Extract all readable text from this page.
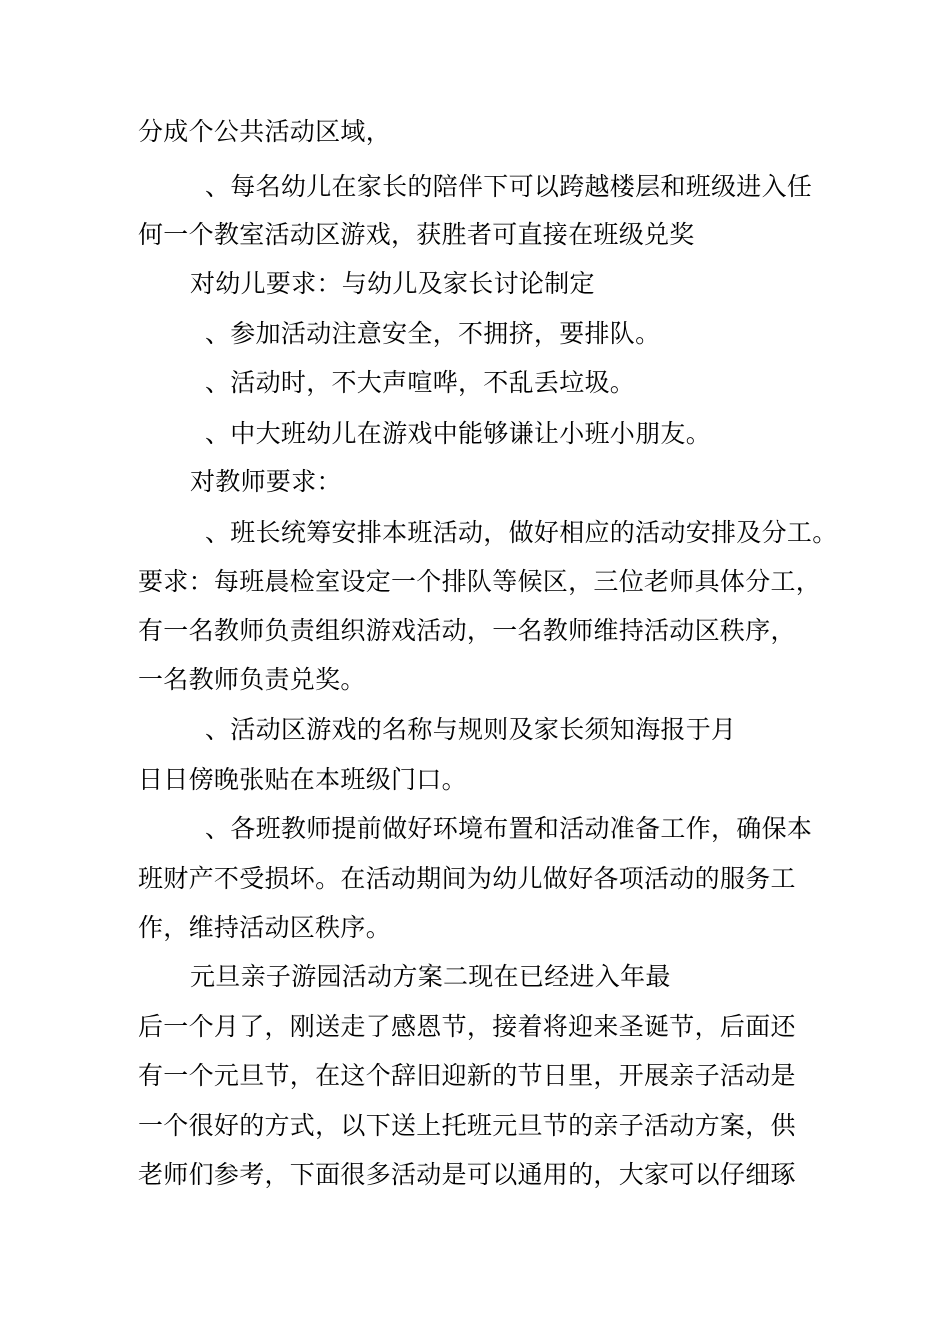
分成个公共活动区域，
、每名幼儿在家长的陪伴下可以跨越楼层和班级进入任
何一个教室活动区游戏，获胜者可直接在班级兑奖
对幼儿要求：与幼儿及家长讨论制定
、参加活动注意安全，不拥挤，要排队。
、活动时，不大声喧哗，不乱丢垃圾。
、中大班幼儿在游戏中能够谦让小班小朋友。
对教师要求：
、班长统筹安排本班活动，做好相应的活动安排及分工。
要求：每班晨检室设定一个排队等候区，三位老师具体分工，
有一名教师负责组织游戏活动，一名教师维持活动区秩序，
一名教师负责兑奖。
、活动区游戏的名称与规则及家长须知海报于月
日日傍晚张贴在本班级门口。
、各班教师提前做好环境布置和活动准备工作，确保本
班财产不受损坏。在活动期间为幼儿做好各项活动的服务工
作，维持活动区秩序。
元旦亲子游园活动方案二现在已经进入年最
后一个月了，刚送走了感恩节，接着将迎来圣诞节，后面还
有一个元旦节，在这个辞旧迎新的节日里，开展亲子活动是
一个很好的方式，以下送上托班元旦节的亲子活动方案，供
老师们参考，下面很多活动是可以通用的，大家可以仔细琢
